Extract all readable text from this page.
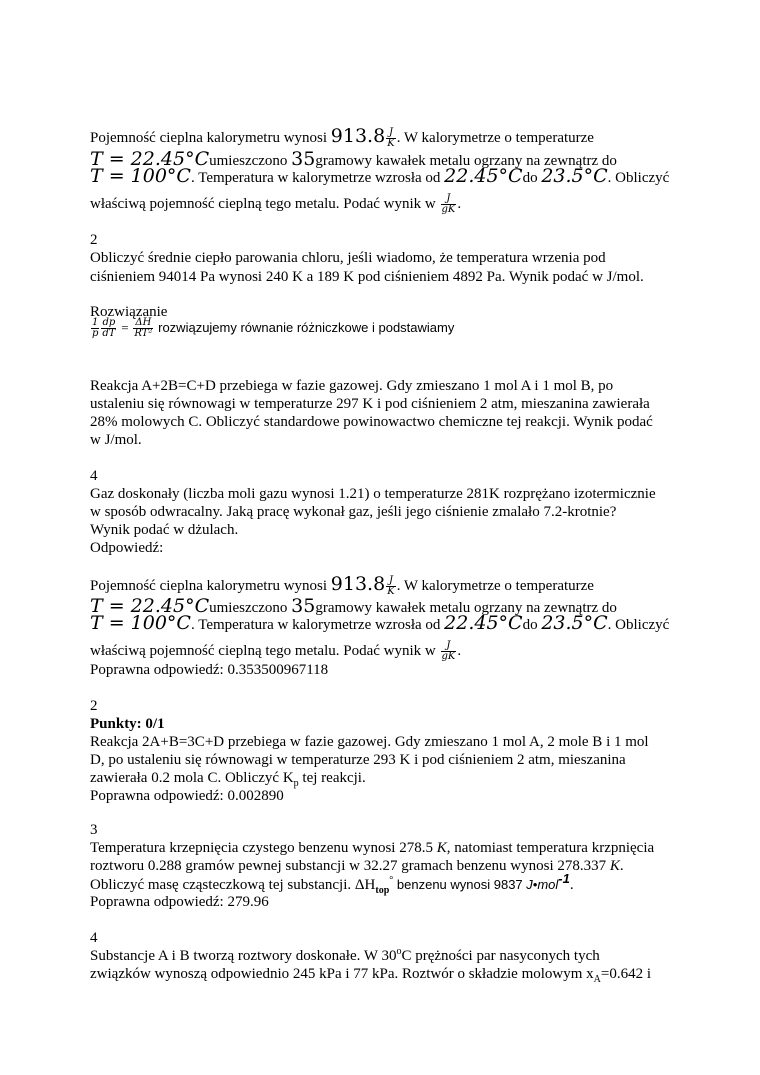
Pojemność cieplna kalorymetru wynosi $913.8 \frac{J}{K}$ . W kalorymetrze o temperaturze
T = 22.45°Cumieszczono 35gramowy kawałek metalu ogrzany na zewnątrz do
T = 100°C. Temperatura w kalorymetrze wzrosła od 22.45°Cdo 23.5°C. Obliczyć
właściwą pojemność cieplną tego metalu. Podać wynik w $\frac{J}{gK}$ .
2
Obliczyć średnie ciepło parowania chloru, jeśli wiadomo, że temperatura wrzenia pod
ciśnieniem 94014 Pa wynosi 240 K a 189 K pod ciśnieniem 4892 Pa. Wynik podać w J/mol.
Rozwiązanie
$\frac{1}{p} \frac{dp}{dT} = \frac{\Delta H}{\text{RT²}}$ rozwiązujemy równanie różniczkowe i podstawiamy
Reakcja A+2B=C+D przebiega w fazie gazowej. Gdy zmieszano 1 mol A i 1 mol B, po
ustaleniu się równowagi w temperaturze 297 K i pod ciśnieniem 2 atm, mieszanina zawierała
28% molowych C. Obliczyć standardowe powinowactwo chemiczne tej reakcji. Wynik podać
w J/mol.
4
Gaz doskonały (liczba moli gazu wynosi 1.21) o temperaturze 281K rozprężano izotermicznie
w sposób odwracalny. Jaką pracę wykonał gaz, jeśli jego ciśnienie zmalało 7.2-krotnie?
Wynik podać w dżulach.
Odpowiedź:
Pojemność cieplna kalorymetru wynosi $913.8 \frac{J}{K}$ . W kalorymetrze o temperaturze
T = 22.45°Cumieszczono 35gramowy kawałek metalu ogrzany na zewnątrz do
T = 100°C. Temperatura w kalorymetrze wzrosła od 22.45°Cdo 23.5°C. Obliczyć
właściwą pojemność cieplną tego metalu. Podać wynik w $\frac{J}{gK}$ .
Poprawna odpowiedź: 0.353500967118
2
Punkty: 0/1
Reakcja 2A+B=3C+D przebiega w fazie gazowej. Gdy zmieszano 1 mol A, 2 mole B i 1 mol
D, po ustaleniu się równowagi w temperaturze 293 K i pod ciśnieniem 2 atm, mieszanina
zawierała 0.2 mola C. Obliczyć $K_p$ tej reakcji.
Poprawna odpowiedź: 0.002890
3
Temperatura krzepnięcia czystego benzenu wynosi 278.5 K, natomiast temperatura krzpnięcia
roztworu 0.288 gramów pewnej substancji w 32.27 gramach benzenu wynosi 278.337 K.
Obliczyć masę cząsteczkową tej substancji. $\Delta H_{top}^\circ$ benzenu wynosi 9837 J•mol$^{-1}$.
Poprawna odpowiedź: 279.96
4
Substancje A i B tworzą roztwory doskonałe. W 30$^o$C prężności par nasyconych tych
związków wynoszą odpowiednio 245 kPa i 77 kPa. Roztwór o składzie molowym $x_A=0.642$ i
